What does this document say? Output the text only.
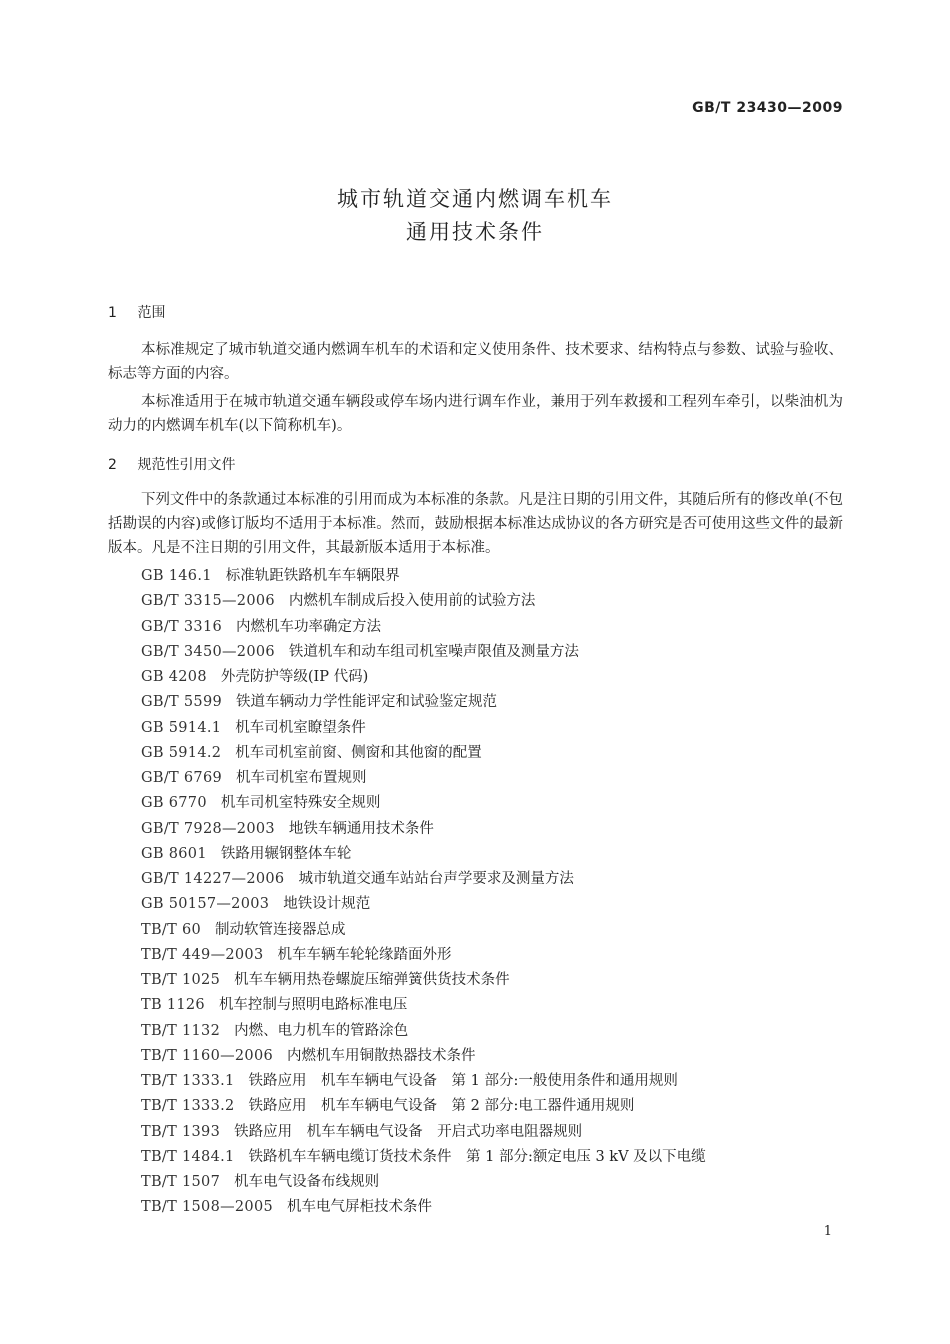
GB/T 23430—2009
城市轨道交通内燃调车机车
通用技术条件
1 范围

本标准规定了城市轨道交通内燃调车机车的术语和定义使用条件、技术要求、结构特点与参数、试验与验收、标志等方面的内容。

本标准适用于在城市轨道交通车辆段或停车场内进行调车作业，兼用于列车救援和工程列车牵引，以柴油机为动力的内燃调车机车(以下简称机车)。

2 规范性引用文件

下列文件中的条款通过本标准的引用而成为本标准的条款。凡是注日期的引用文件，其随后所有的修改单(不包括勘误的内容)或修订版均不适用于本标准。然而，鼓励根据本标准达成协议的各方研究是否可使用这些文件的最新版本。凡是不注日期的引用文件，其最新版本适用于本标准。

GB 146.1 标准轨距铁路机车车辆限界
GB/T 3315—2006 内燃机车制成后投入使用前的试验方法
GB/T 3316 内燃机车功率确定方法
GB/T 3450—2006 铁道机车和动车组司机室噪声限值及测量方法
GB 4208 外壳防护等级(IP 代码)
GB/T 5599 铁道车辆动力学性能评定和试验鉴定规范
GB 5914.1 机车司机室瞭望条件
GB 5914.2 机车司机室前窗、侧窗和其他窗的配置
GB/T 6769 机车司机室布置规则
GB 6770 机车司机室特殊安全规则
GB/T 7928—2003 地铁车辆通用技术条件
GB 8601 铁路用辗钢整体车轮
GB/T 14227—2006 城市轨道交通车站站台声学要求及测量方法
GB 50157—2003 地铁设计规范
TB/T 60 制动软管连接器总成
TB/T 449—2003 机车车辆车轮轮缘踏面外形
TB/T 1025 机车车辆用热卷螺旋压缩弹簧供货技术条件
TB 1126 机车控制与照明电路标准电压
TB/T 1132 内燃、电力机车的管路涂色
TB/T 1160—2006 内燃机车用铜散热器技术条件
TB/T 1333.1 铁路应用　机车车辆电气设备　第 1 部分:一般使用条件和通用规则
TB/T 1333.2 铁路应用　机车车辆电气设备　第 2 部分:电工器件通用规则
TB/T 1393 铁路应用　机车车辆电气设备　开启式功率电阻器规则
TB/T 1484.1 铁路机车车辆电缆订货技术条件　第 1 部分:额定电压 3 kV 及以下电缆
TB/T 1507 机车电气设备布线规则
TB/T 1508—2005 机车电气屏柜技术条件
1
